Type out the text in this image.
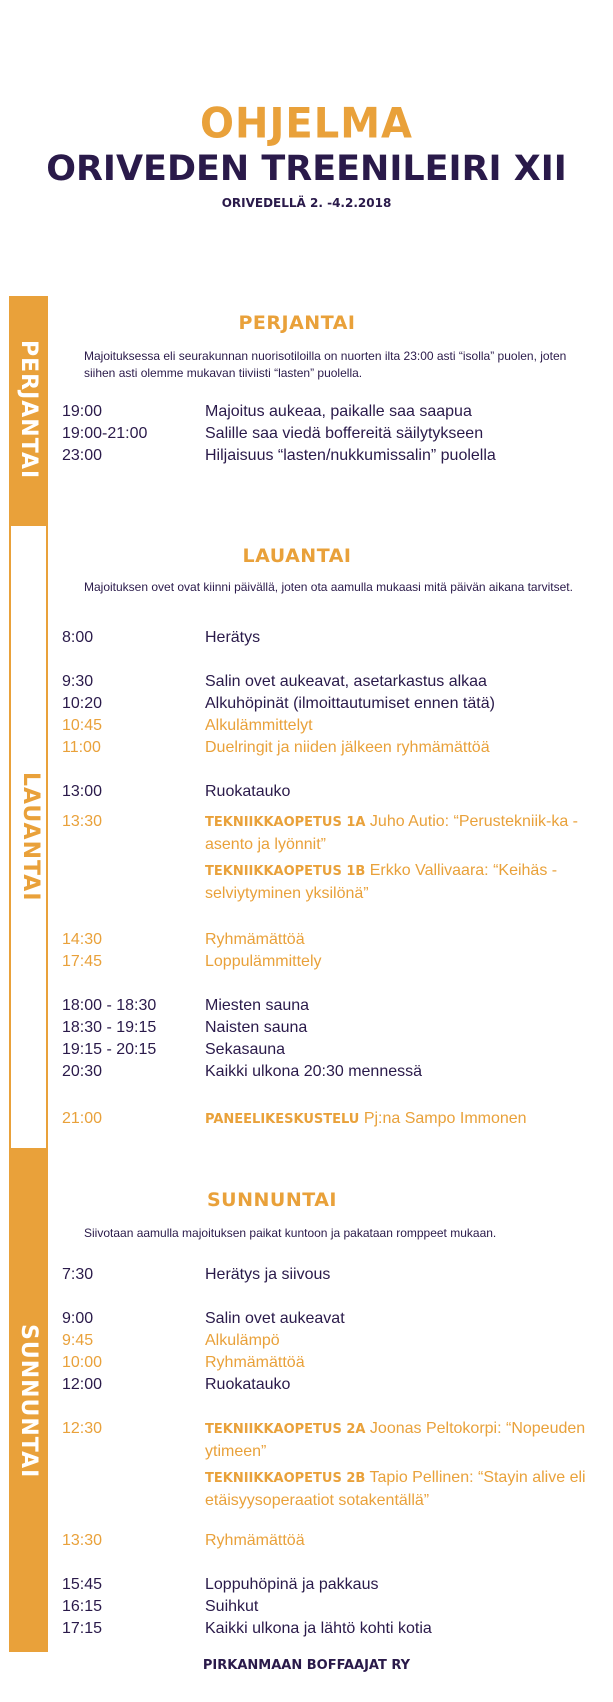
OHJELMA
ORIVEDEN TREENILEIRI XII
ORIVEDELLÄ 2. -4.2.2018
PERJANTAI
LAUANTAI
SUNNUNTAI
PERJANTAI
Majoituksessa eli seurakunnan nuorisotiloilla on nuorten ilta 23:00 asti “isolla” puolen, joten siihen asti olemme mukavan tiiviisti “lasten” puolella.
19:00	Majoitus aukeaa, paikalle saa saapua
19:00-21:00	Salille saa viedä boffereitä säilytykseen
23:00	Hiljaisuus “lasten/nukkumissalin” puolella
LAUANTAI
Majoituksen ovet ovat kiinni päivällä, joten ota aamulla mukaasi mitä päivän aikana tarvitset.
8:00	Herätys
9:30	Salin ovet aukeavat, asetarkastus alkaa
10:20	Alkuhöpinät (ilmoittautumiset ennen tätä)
10:45	Alkulämmittelyt
11:00	Duelringit ja niiden jälkeen ryhmämättöä
13:00	Ruokatauko
13:30	TEKNIIKKAOPETUS 1A Juho Autio: “Perustekniik-ka - asento ja lyönnit”
TEKNIIKKAOPETUS 1B Erkko Vallivaara: “Keihäs - selviytyminen yksilönä”
14:30	Ryhmämättöä
17:45	Loppulämmittely
18:00 - 18:30	Miesten sauna
18:30 - 19:15	Naisten sauna
19:15 - 20:15	Sekasauna
20:30	Kaikki ulkona 20:30 mennessä
21:00	PANEELIKESKUSTELU Pj:na Sampo Immonen
SUNNUNTAI
Siivotaan aamulla majoituksen paikat kuntoon ja pakataan romppeet mukaan.
7:30	Herätys ja siivous
9:00	Salin ovet aukeavat
9:45	Alkulämpö
10:00	Ryhmämättöä
12:00	Ruokatauko
12:30	TEKNIIKKAOPETUS 2A Joonas Peltokorpi: “Nopeuden ytimeen”
TEKNIIKKAOPETUS 2B Tapio Pellinen: “Stayin alive eli etäisyysoperaatiot sotakentällä”
13:30	Ryhmämättöä
15:45	Loppuhöpinä ja pakkaus
16:15	Suihkut
17:15	Kaikki ulkona ja lähtö kohti kotia
PIRKANMAAN BOFFAAJAT RY
